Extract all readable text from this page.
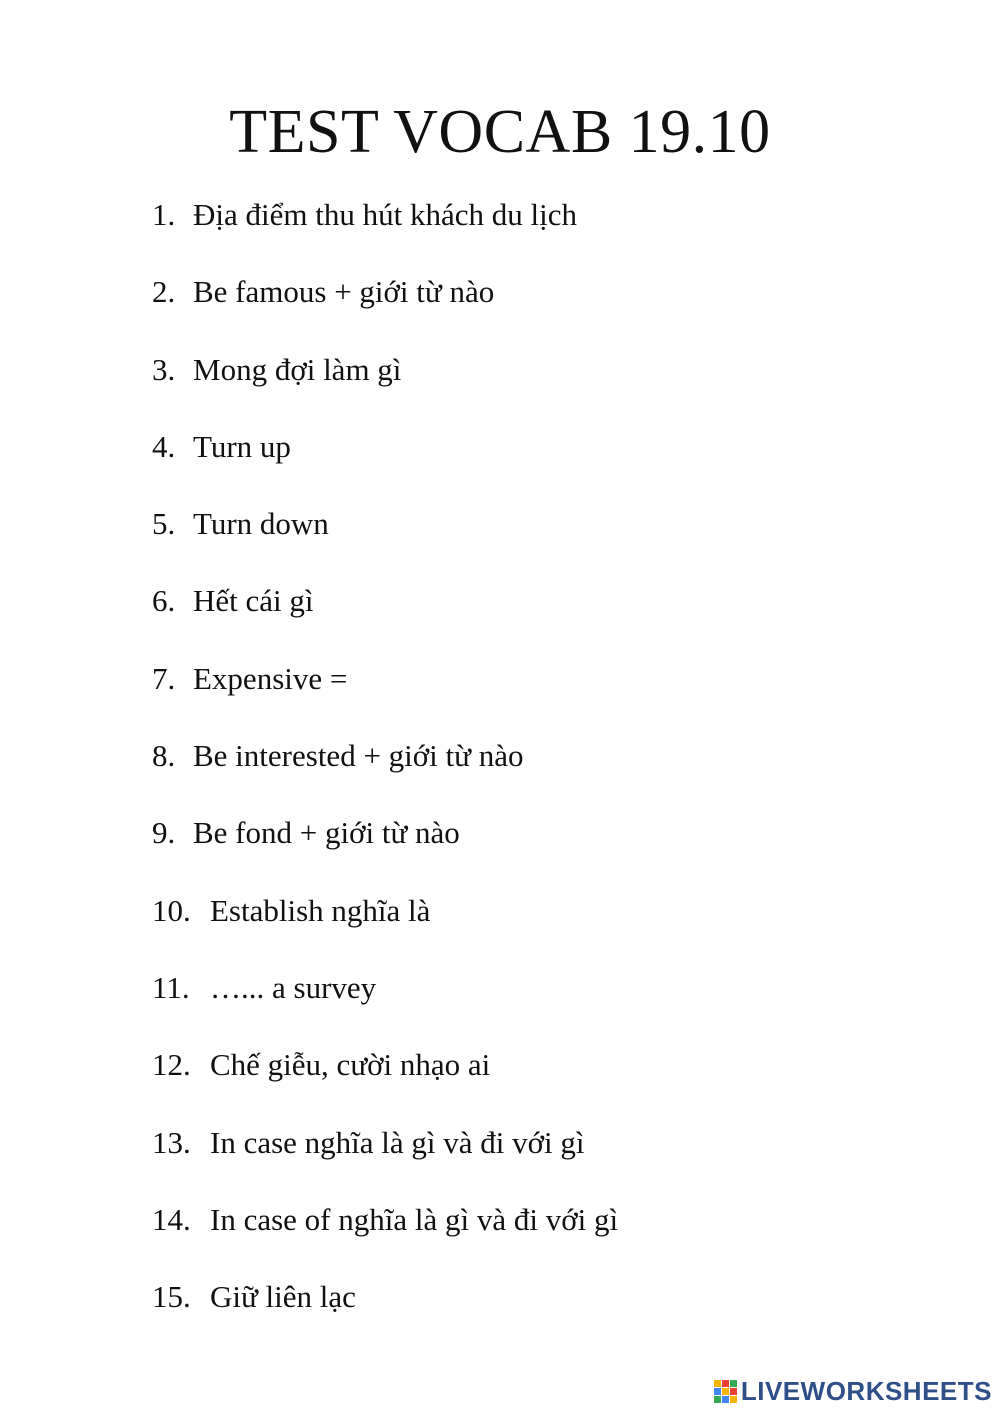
TEST VOCAB 19.10
1. Địa điểm thu hút khách du lịch
2. Be famous + giới từ nào
3. Mong đợi làm gì
4. Turn up
5. Turn down
6. Hết cái gì
7. Expensive =
8. Be interested + giới từ nào
9. Be fond + giới từ nào
10. Establish nghĩa là
11. …... a survey
12. Chế giễu, cười nhạo ai
13. In case nghĩa là gì và đi với gì
14. In case of nghĩa là gì và đi với gì
15. Giữ liên lạc
LIVEWORKSHEETS
